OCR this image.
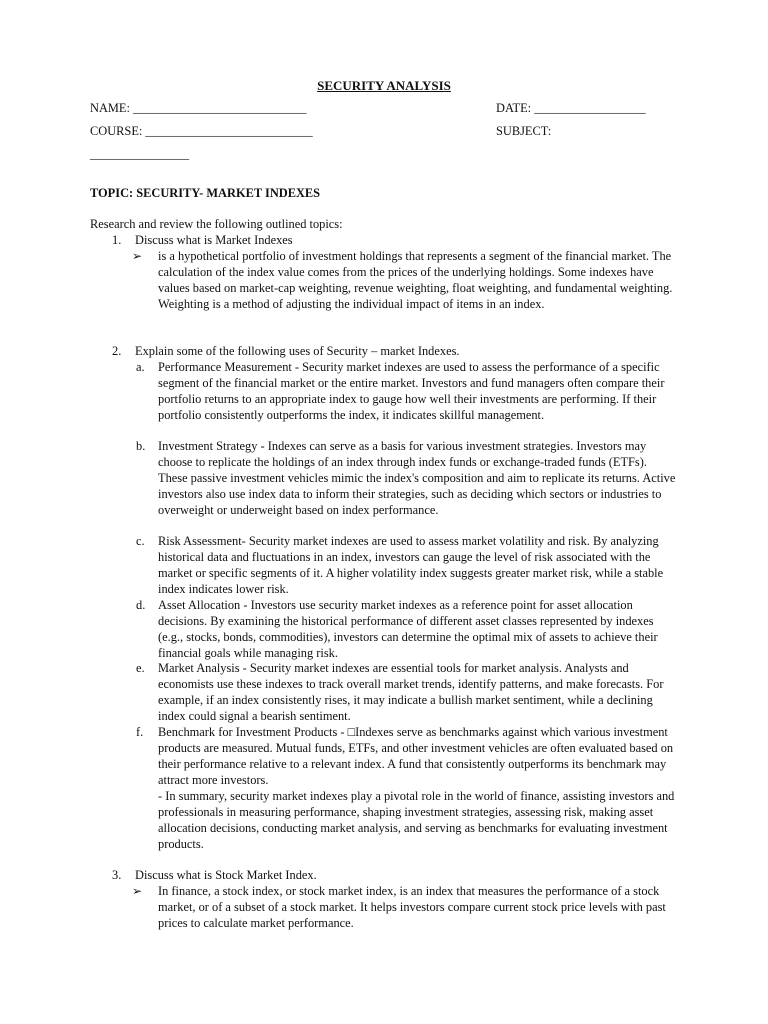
SECURITY ANALYSIS
NAME: ____________________________	DATE: __________________
COURSE: ___________________________	SUBJECT:
________________
TOPIC: SECURITY- MARKET INDEXES
Research and review the following outlined topics:
1. Discuss what is Market Indexes
➢ is a hypothetical portfolio of investment holdings that represents a segment of the financial market. The calculation of the index value comes from the prices of the underlying holdings. Some indexes have values based on market-cap weighting, revenue weighting, float weighting, and fundamental weighting. Weighting is a method of adjusting the individual impact of items in an index.
2. Explain some of the following uses of Security – market Indexes.
a. Performance Measurement - Security market indexes are used to assess the performance of a specific segment of the financial market or the entire market. Investors and fund managers often compare their portfolio returns to an appropriate index to gauge how well their investments are performing. If their portfolio consistently outperforms the index, it indicates skillful management.
b. Investment Strategy - Indexes can serve as a basis for various investment strategies. Investors may choose to replicate the holdings of an index through index funds or exchange-traded funds (ETFs). These passive investment vehicles mimic the index's composition and aim to replicate its returns. Active investors also use index data to inform their strategies, such as deciding which sectors or industries to overweight or underweight based on index performance.
c. Risk Assessment- Security market indexes are used to assess market volatility and risk. By analyzing historical data and fluctuations in an index, investors can gauge the level of risk associated with the market or specific segments of it. A higher volatility index suggests greater market risk, while a stable index indicates lower risk.
d. Asset Allocation - Investors use security market indexes as a reference point for asset allocation decisions. By examining the historical performance of different asset classes represented by indexes (e.g., stocks, bonds, commodities), investors can determine the optimal mix of assets to achieve their financial goals while managing risk.
e. Market Analysis - Security market indexes are essential tools for market analysis. Analysts and economists use these indexes to track overall market trends, identify patterns, and make forecasts. For example, if an index consistently rises, it may indicate a bullish market sentiment, while a declining index could signal a bearish sentiment.
f. Benchmark for Investment Products - □Indexes serve as benchmarks against which various investment products are measured. Mutual funds, ETFs, and other investment vehicles are often evaluated based on their performance relative to a relevant index. A fund that consistently outperforms its benchmark may attract more investors.
- In summary, security market indexes play a pivotal role in the world of finance, assisting investors and professionals in measuring performance, shaping investment strategies, assessing risk, making asset allocation decisions, conducting market analysis, and serving as benchmarks for evaluating investment products.
3. Discuss what is Stock Market Index.
➢ In finance, a stock index, or stock market index, is an index that measures the performance of a stock market, or of a subset of a stock market. It helps investors compare current stock price levels with past prices to calculate market performance.
